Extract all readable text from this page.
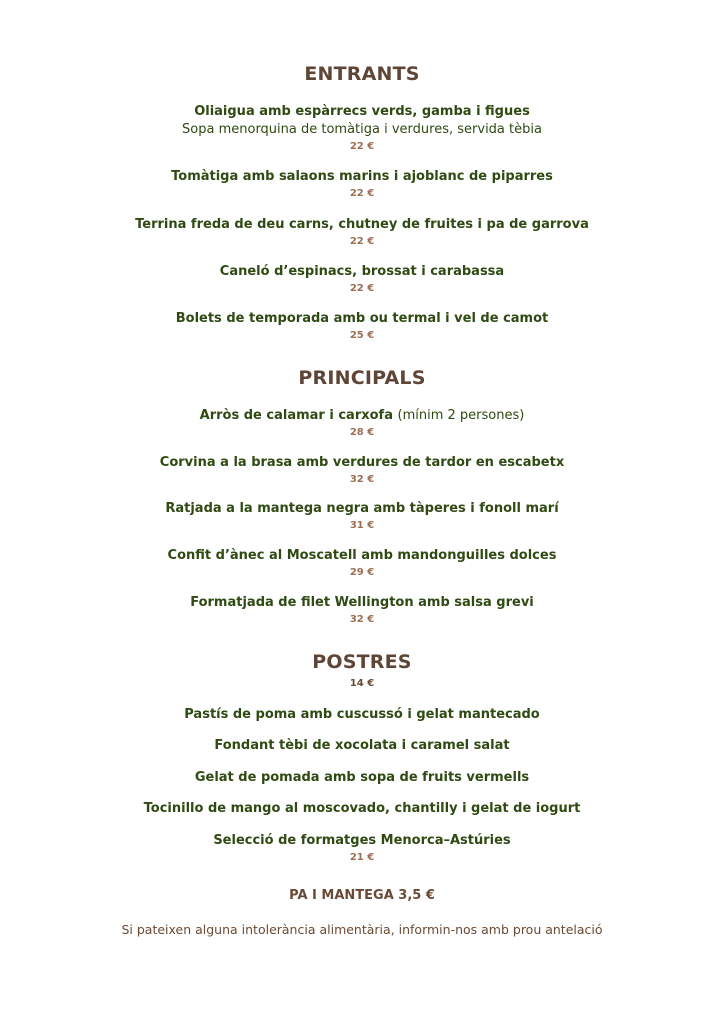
ENTRANTS
Oliaigua amb espàrrecs verds, gamba i figues
Sopa menorquina de tomàtiga i verdures, servida tèbia
22 €
Tomàtiga amb salaons marins i ajoblanc de piparres
22 €
Terrina freda de deu carns, chutney de fruites i pa de garrova
22 €
Caneló d’espinacs, brossat i carabassa
22 €
Bolets de temporada amb ou termal i vel de camot
25 €
PRINCIPALS
Arròs de calamar i carxofa (mínim 2 persones)
28 €
Corvina a la brasa amb verdures de tardor en escabetx
32 €
Ratjada a la mantega negra amb tàperes i fonoll marí
31 €
Confit d’ànec al Moscatell amb mandonguilles dolces
29 €
Formatjada de filet Wellington amb salsa grevi
32 €
POSTRES
14 €
Pastís de poma amb cuscussó i gelat mantecado
Fondant tèbi de xocolata i caramel salat
Gelat de pomada amb sopa de fruits vermells
Tocinillo de mango al moscovado, chantilly i gelat de iogurt
Selecció de formatges Menorca–Astúries
21 €
PA I MANTEGA 3,5 €
Si pateixen alguna intolerància alimentària, informin-nos amb prou antelació
